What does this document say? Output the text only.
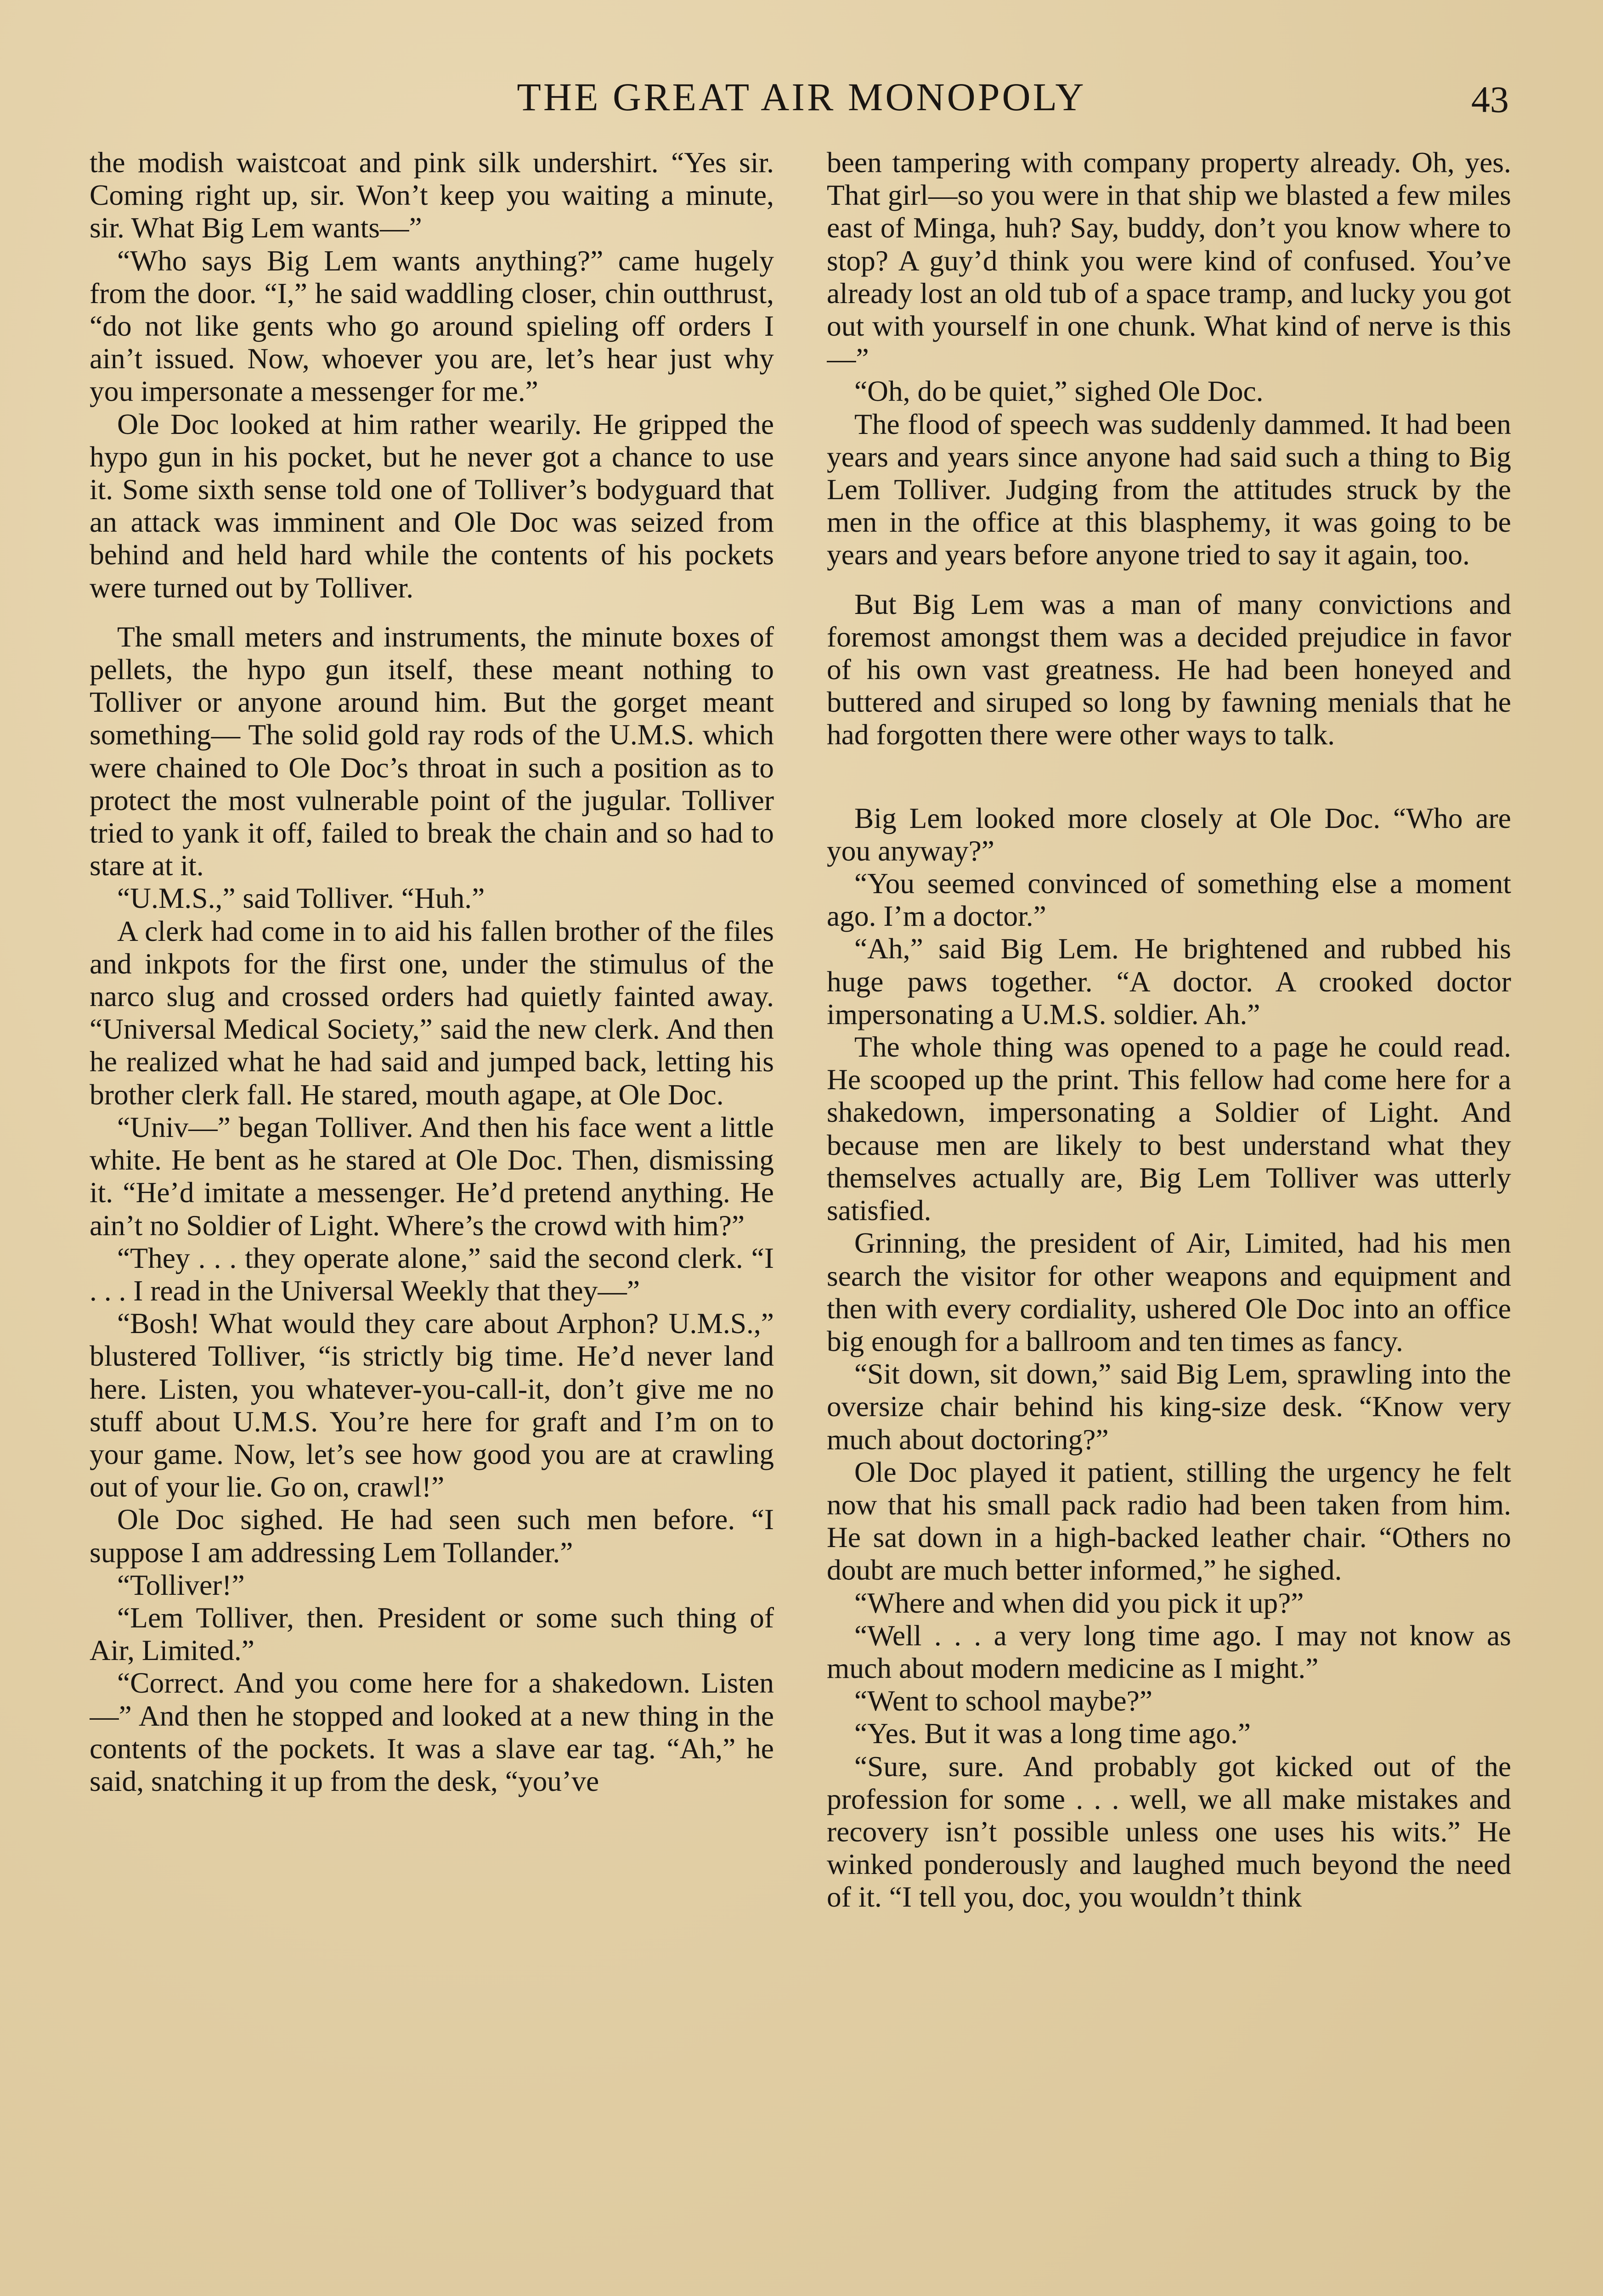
THE GREAT AIR MONOPOLY	43

the modish waistcoat and pink silk undershirt. “Yes sir. Coming right up, sir. Won’t keep you waiting a minute, sir. What Big Lem wants—”

“Who says Big Lem wants anything?” came hugely from the door. “I,” he said waddling closer, chin outthrust, “do not like gents who go around spieling off orders I ain’t issued. Now, whoever you are, let’s hear just why you impersonate a messenger for me.”

Ole Doc looked at him rather wearily. He gripped the hypo gun in his pocket, but he never got a chance to use it. Some sixth sense told one of Tolliver’s bodyguard that an attack was imminent and Ole Doc was seized from behind and held hard while the contents of his pockets were turned out by Tolliver.

The small meters and instruments, the minute boxes of pellets, the hypo gun itself, these meant nothing to Tolliver or anyone around him. But the gorget meant something— The solid gold ray rods of the U.M.S. which were chained to Ole Doc’s throat in such a position as to protect the most vulnerable point of the jugular. Tolliver tried to yank it off, failed to break the chain and so had to stare at it.

“U.M.S.,” said Tolliver. “Huh.”

A clerk had come in to aid his fallen brother of the files and inkpots for the first one, under the stimulus of the narco slug and crossed orders had quietly fainted away. “Universal Medical Society,” said the new clerk. And then he realized what he had said and jumped back, letting his brother clerk fall. He stared, mouth agape, at Ole Doc.

“Univ—” began Tolliver. And then his face went a little white. He bent as he stared at Ole Doc. Then, dismissing it. “He’d imitate a messenger. He’d pretend anything. He ain’t no Soldier of Light. Where’s the crowd with him?”

“They . . . they operate alone,” said the second clerk. “I . . . I read in the Universal Weekly that they—”

“Bosh! What would they care about Arphon? U.M.S.,” blustered Tolliver, “is strictly big time. He’d never land here. Listen, you whatever-you-call-it, don’t give me no stuff about U.M.S. You’re here for graft and I’m on to your game. Now, let’s see how good you are at crawling out of your lie. Go on, crawl!”

Ole Doc sighed. He had seen such men before. “I suppose I am addressing Lem Tollander.”

“Tolliver!”

“Lem Tolliver, then. President or some such thing of Air, Limited.”

“Correct. And you come here for a shakedown. Listen—” And then he stopped and looked at a new thing in the contents of the pockets. It was a slave ear tag. “Ah,” he said, snatching it up from the desk, “you’ve

been tampering with company property already. Oh, yes. That girl—so you were in that ship we blasted a few miles east of Minga, huh? Say, buddy, don’t you know where to stop? A guy’d think you were kind of confused. You’ve already lost an old tub of a space tramp, and lucky you got out with yourself in one chunk. What kind of nerve is this—”

“Oh, do be quiet,” sighed Ole Doc.

The flood of speech was suddenly dammed. It had been years and years since anyone had said such a thing to Big Lem Tolliver. Judging from the attitudes struck by the men in the office at this blasphemy, it was going to be years and years before anyone tried to say it again, too.

But Big Lem was a man of many convictions and foremost amongst them was a decided prejudice in favor of his own vast greatness. He had been honeyed and buttered and siruped so long by fawning menials that he had forgotten there were other ways to talk.

Big Lem looked more closely at Ole Doc. “Who are you anyway?”

“You seemed convinced of something else a moment ago. I’m a doctor.”

“Ah,” said Big Lem. He brightened and rubbed his huge paws together. “A doctor. A crooked doctor impersonating a U.M.S. soldier. Ah.”

The whole thing was opened to a page he could read. He scooped up the print. This fellow had come here for a shakedown, impersonating a Soldier of Light. And because men are likely to best understand what they themselves actually are, Big Lem Tolliver was utterly satisfied.

Grinning, the president of Air, Limited, had his men search the visitor for other weapons and equipment and then with every cordiality, ushered Ole Doc into an office big enough for a ballroom and ten times as fancy.

“Sit down, sit down,” said Big Lem, sprawling into the oversize chair behind his king-size desk. “Know very much about doctoring?”

Ole Doc played it patient, stilling the urgency he felt now that his small pack radio had been taken from him. He sat down in a high-backed leather chair. “Others no doubt are much better informed,” he sighed.

“Where and when did you pick it up?”

“Well . . . a very long time ago. I may not know as much about modern medicine as I might.”

“Went to school maybe?”

“Yes. But it was a long time ago.”

“Sure, sure. And probably got kicked out of the profession for some . . . well, we all make mistakes and recovery isn’t possible unless one uses his wits.” He winked ponderously and laughed much beyond the need of it. “I tell you, doc, you wouldn’t think
